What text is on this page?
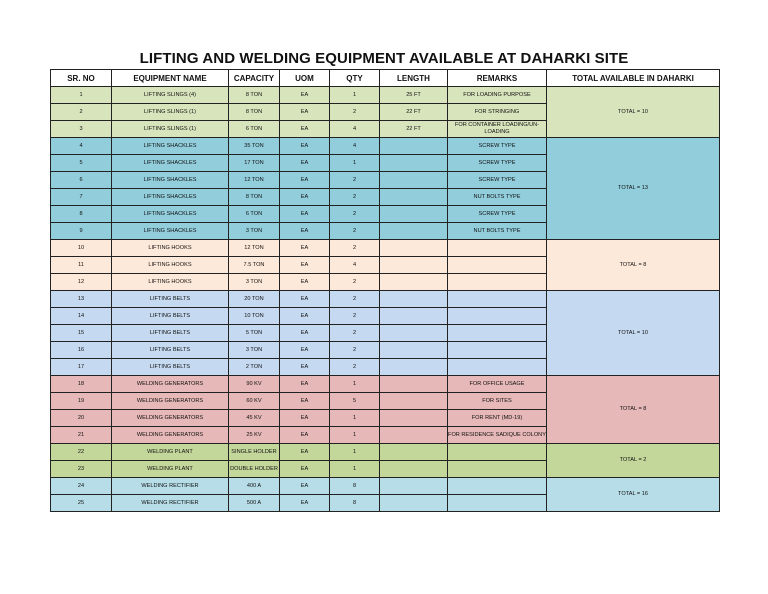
LIFTING AND WELDING EQUIPMENT AVAILABLE AT DAHARKI SITE
SR. NO	EQUIPMENT NAME	CAPACITY	UOM	QTY	LENGTH	REMARKS	TOTAL AVAILABLE IN DAHARKI
1	LIFTING SLINGS (4)	8 TON	EA	1	25 FT	FOR LOADING PURPOSE	TOTAL = 10
2	LIFTING SLINGS (1)	8 TON	EA	2	22 FT	FOR STRINGING	
3	LIFTING SLINGS (1)	6 TON	EA	4	22 FT	FOR CONTAINER LOADING/UN-LOADING	
4	LIFTING SHACKLES	35 TON	EA	4		SCREW TYPE	TOTAL = 13
5	LIFTING SHACKLES	17 TON	EA	1		SCREW TYPE	
6	LIFTING SHACKLES	12 TON	EA	2		SCREW TYPE	
7	LIFTING SHACKLES	8 TON	EA	2		NUT BOLTS TYPE	
8	LIFTING SHACKLES	6 TON	EA	2		SCREW TYPE	
9	LIFTING SHACKLES	3 TON	EA	2		NUT BOLTS TYPE	
10	LIFTING HOOKS	12 TON	EA	2			TOTAL = 8
11	LIFTING HOOKS	7.5 TON	EA	4			
12	LIFTING HOOKS	3 TON	EA	2			
13	LIFTING BELTS	20 TON	EA	2			TOTAL = 10
14	LIFTING BELTS	10 TON	EA	2			
15	LIFTING BELTS	5 TON	EA	2			
16	LIFTING BELTS	3 TON	EA	2			
17	LIFTING BELTS	2 TON	EA	2			
18	WELDING GENERATORS	90 KV	EA	1		FOR OFFICE USAGE	TOTAL = 8
19	WELDING GENERATORS	60 KV	EA	5		FOR SITES	
20	WELDING GENERATORS	45 KV	EA	1		FOR RENT (MD-19)	
21	WELDING GENERATORS	25 KV	EA	1		FOR RESIDENCE SADIQUE COLONY	
22	WELDING PLANT	SINGLE HOLDER	EA	1			TOTAL = 2
23	WELDING PLANT	DOUBLE HOLDER	EA	1			
24	WELDING RECTIFIER	400 A	EA	8			TOTAL = 16
25	WELDING RECTIFIER	500 A	EA	8			
